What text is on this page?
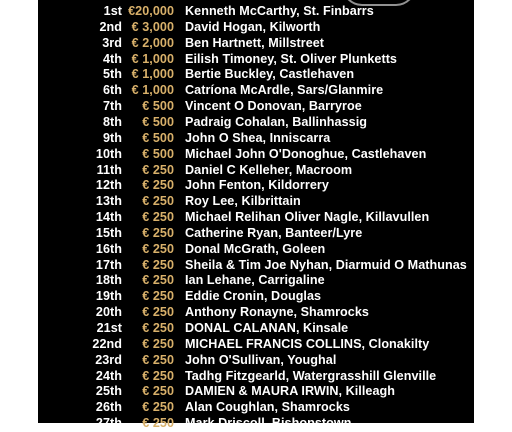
1st €20,000 Kenneth McCarthy, St. Finbarrs
2nd € 3,000 David Hogan, Kilworth
3rd € 2,000 Ben Hartnett, Millstreet
4th € 1,000 Eilish Timoney, St. Oliver Plunketts
5th € 1,000 Bertie Buckley, Castlehaven
6th € 1,000 Catríona McArdle, Sars/Glanmire
7th	€ 500 Vincent O Donovan, Barryroe
8th	€ 500 Padraig Cohalan, Ballinhassig
9th	€ 500 John O Shea, Inniscarra
10th	€ 500 Michael John O'Donoghue, Castlehaven
11th	€ 250 Daniel C Kelleher, Macroom
12th	€ 250 John Fenton, Kildorrery
13th	€ 250 Roy Lee, Kilbrittain
14th	€ 250 Michael Relihan Oliver Nagle, Killavullen
15th	€ 250 Catherine Ryan, Banteer/Lyre
16th	€ 250 Donal McGrath, Goleen
17th	€ 250 Sheila & Tim Joe Nyhan, Diarmuid O Mathunas
18th	€ 250 Ian Lehane, Carrigaline
19th	€ 250 Eddie Cronin, Douglas
20th	€ 250 Anthony Ronayne, Shamrocks
21st	€ 250 DONAL CALANAN, Kinsale
22nd	€ 250 MICHAEL FRANCIS COLLINS, Clonakilty
23rd	€ 250 John O'Sullivan, Youghal
24th	€ 250 Tadhg Fitzgearld, Watergrasshill Glenville
25th	€ 250 DAMIEN & MAURA IRWIN, Killeagh
26th	€ 250 Alan Coughlan, Shamrocks
27th	€ 250 Mark Driscoll, Bishopstown
